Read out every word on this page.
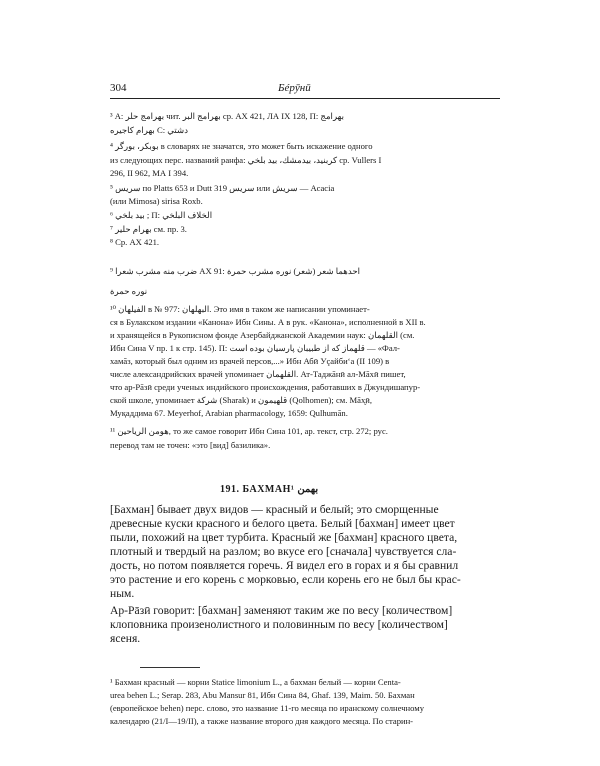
304	Бéрӯнӣ
³ А: بهرامج حلر чит. بهرامج البر ср. АХ 421, ЛА IX 128, П: بهرامج
بهرام كاجيره С: دشتي
⁴ بوبكر، بورگر в словарях не значатся, это может быть искажение одного
из следующих перс. названий ранфа: كربنيد، بيدمشك، بيد بلخي ср. Vullers I
296, II 962, МА I 394.
⁵ سريس по Platts 653 и Dutt 319 سريس или سريش — Acacia
(или Mimosa) sirisa Roxb.
⁶ بيد بلخي ; П: الخلاف البلخي
⁷ بهرام حلير см. пр. 3.
⁸ Ср. АХ 421.
⁹ ضرب منه مشرب شعرا АХ 91: احدهما شعر (شعر) نوره مشرب حمرة
نوره حمرة
¹⁰ الفيلهان в № 977: البهلهان. Это имя в таком же написании упоминает-
ся в Булакском издании «Канона» Ибн Сины. А в рук. «Канона», исполненной в XII в.
и хранящейся в Рукописном фонде Азербайджанской Академии наук: القلهمان (см.
Ибн Сина V пр. 1 к стр. 145). П: قلهماز كه از طبيبان پارسيان بوده است — «Фал-
хамāз, который был одним из врачей персов,...» Ибн Абӣ Уçайби‘а (II 109) в
числе александрийских врачей упоминает القلهمان. Ат-Таджāнӣ ал-Мāхӣ пишет,
что ар-Рāзӣ среди ученых индийского происхождения, работавших в Джундишапур-
ской школе, упоминает شركة (Sharak) и قلهيمون (Qolhomen); см. Мāх̮ӣ,
Муқаддима 67. Meyerhof, Arabian pharmacology, 1659: Qulhumān.
¹¹ هومن الرياحين, то же самое говорит Ибн Сина 101, ар. текст, стр. 272; рус.
перевод там не точен: «это [вид] базилика».
191. БАХМАН¹ بهمن
[Бахман] бывает двух видов — красный и белый; это сморщенные
древесные куски красного и белого цвета. Белый [бахман] имеет цвет
пыли, похожий на цвет турбита. Красный же [бахман] красного цвета,
плотный и твердый на разлом; во вкусе его [сначала] чувствуется сла-
дость, но потом появляется горечь. Я видел его в горах и я бы сравнил
это растение и его корень с морковью, если корень его не был бы крас-
ным.
Ар-Рāзӣ говорит: [бахман] заменяют таким же по весу [количеством]
клоповника произенолистного и половинным по весу [количеством]
ясеня.
¹ Бахман красный — корни Statice limonium L., а бахман белый — корни Centa-
urea behen L.; Serap. 283, Abu Mansur 81, Ибн Сина 84, Ghaf. 139, Maim. 50. Бахман
(европейское behen) перс. слово, это название 11-го месяца по иранскому солнечному
календарю (21/I—19/II), а также название второго дня каждого месяца. По старин-
